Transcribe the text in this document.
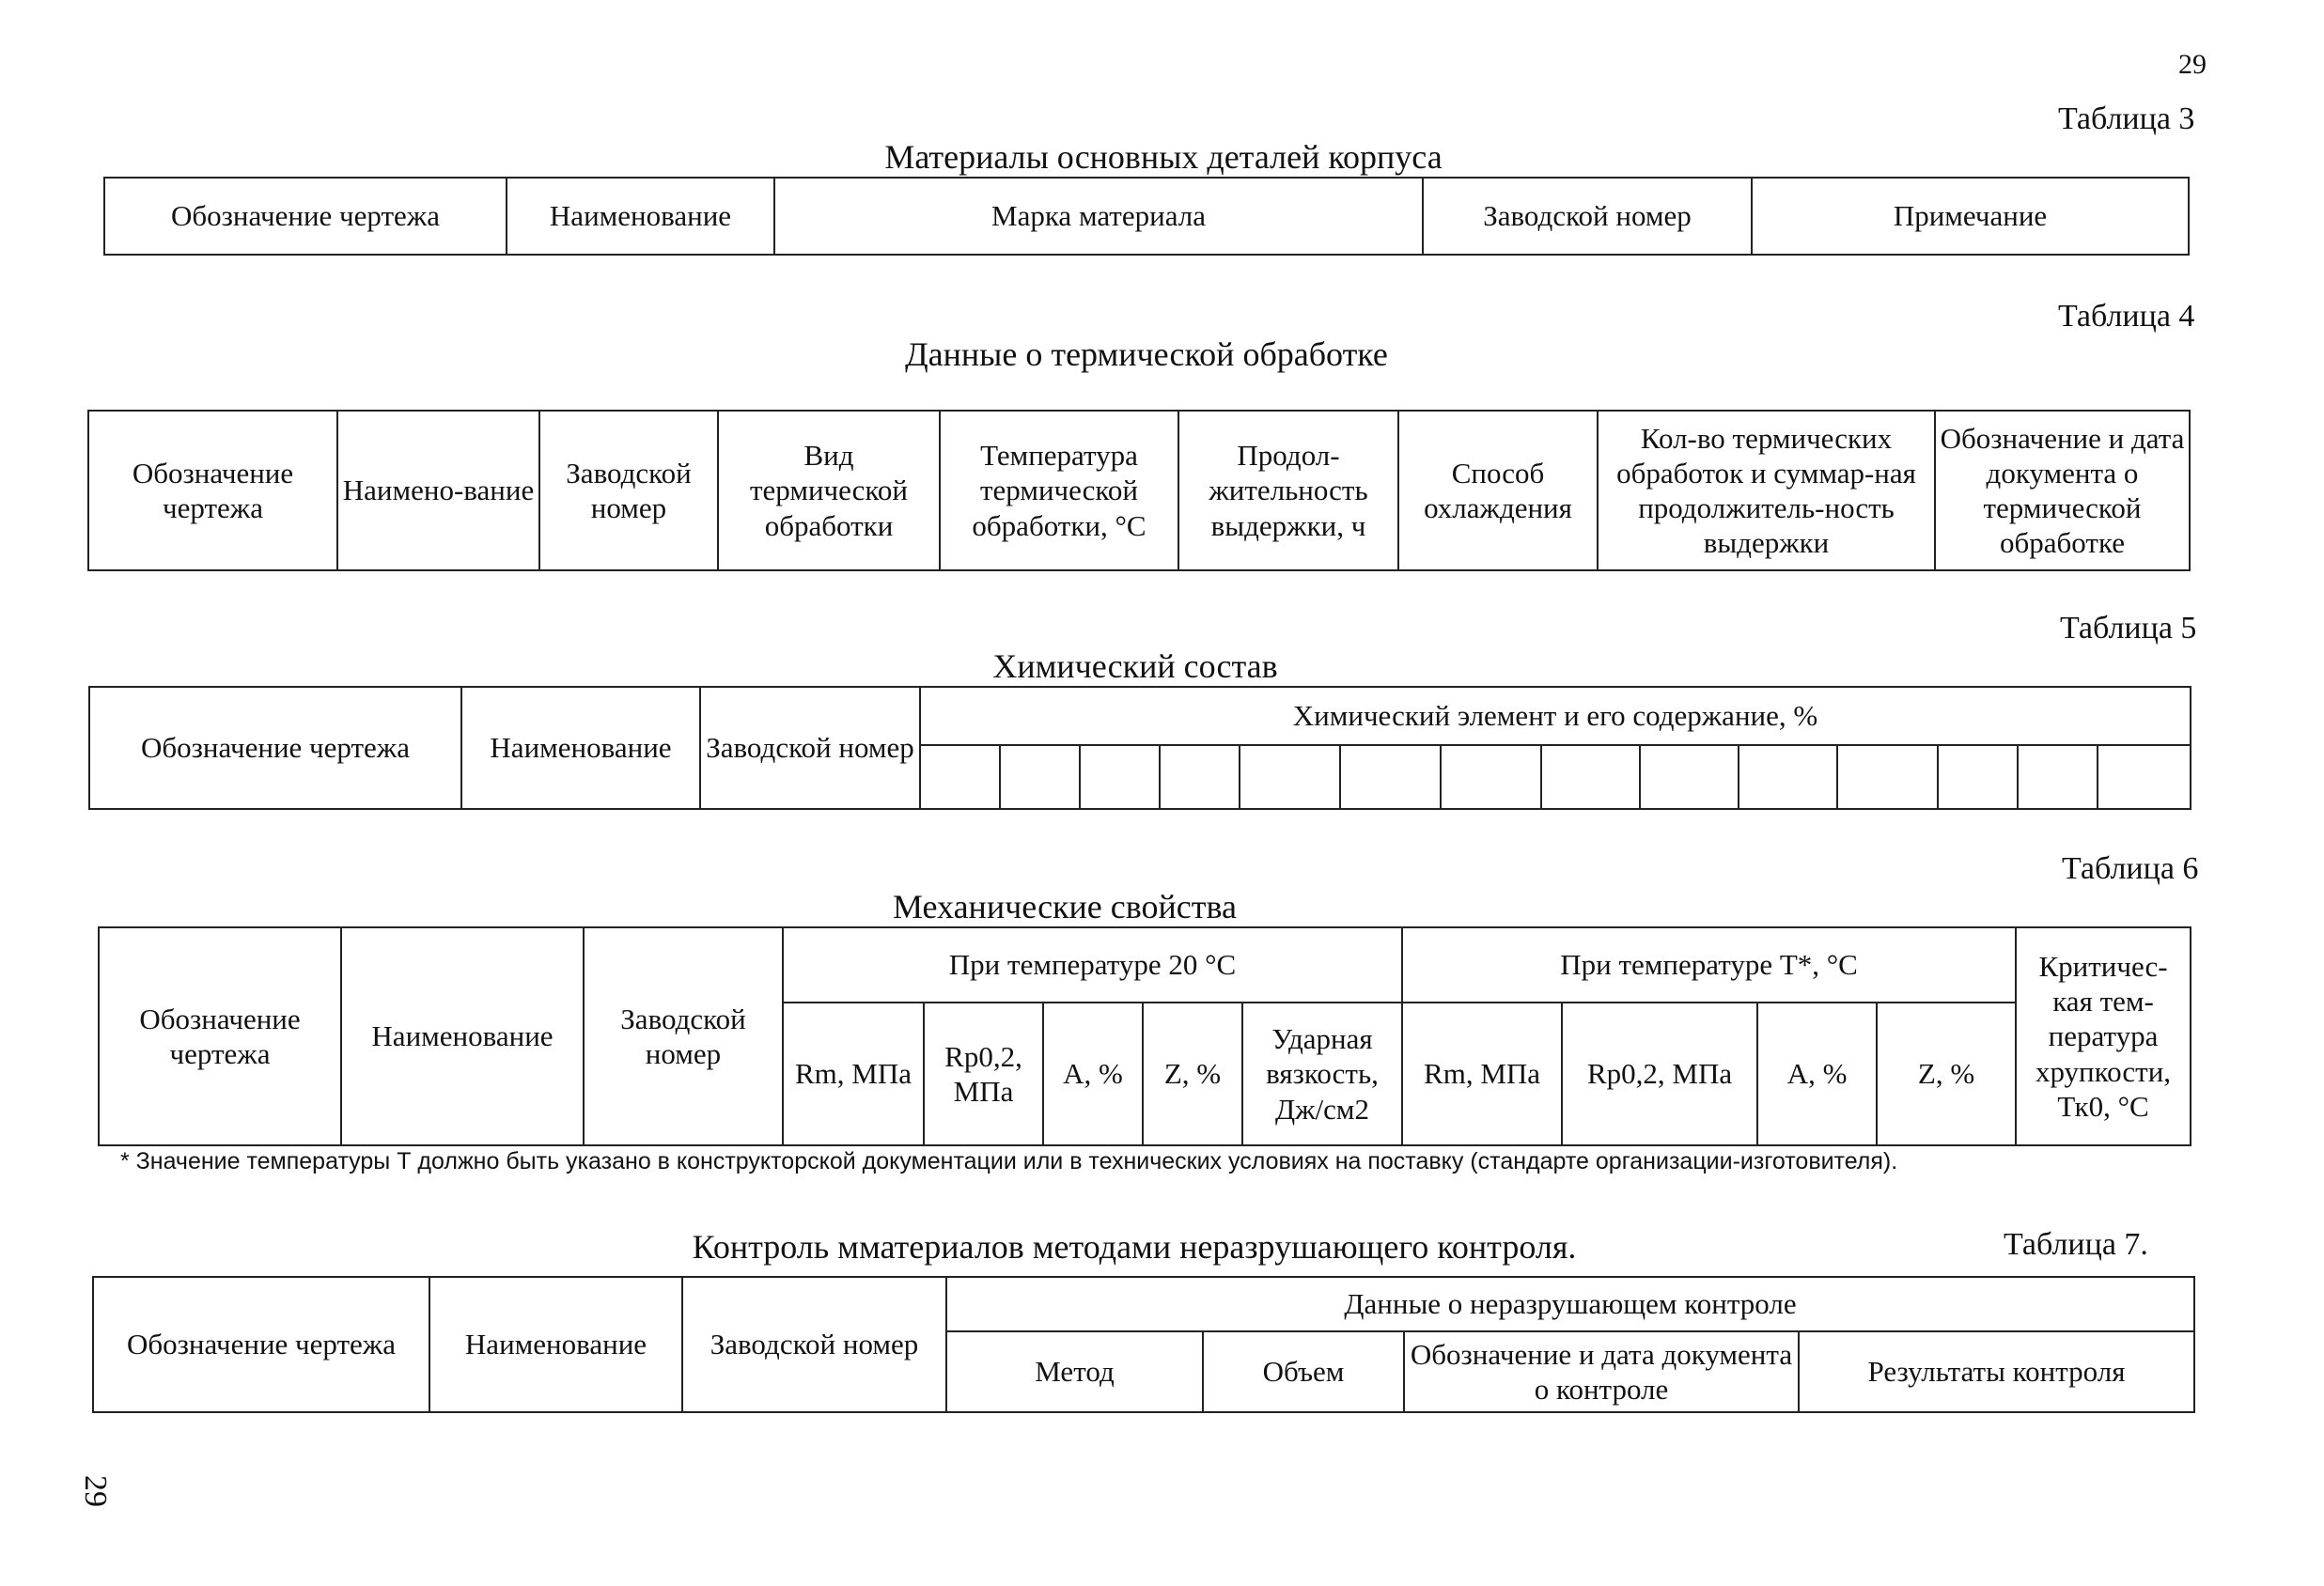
29
Таблица 3
Материалы основных деталей корпуса
Обозначение чертежа	Наименование	Марка материала	Заводской номер	Примечание
Таблица 4
Данные о термической обработке
Обозначение чертежа	Наимено-вание	Заводской номер	Вид термической обработки	Температура термической обработки, °С	Продол-жительность выдержки, ч	Способ охлаждения	Кол-во термических обработок и суммар-ная продолжитель-ность выдержки	Обозначение и дата документа о термической обработке
Таблица 5
Химический состав
Обозначение чертежа	Наименование	Заводской номер	Химический элемент и его содержание, %													

Таблица 6
Механические свойства
Обозначение чертежа	Наименование	Заводской номер	При температуре 20 °С					При температуре Т*, °С				Критичес-кая тем-пература хрупкости, Тк0, °С
			Rm, МПа	Rp0,2, МПа	A, %	Z, %	Ударная вязкость, Дж/см2	Rm, МПа	Rp0,2, МПа	A, %	Z, %	
* Значение температуры Т должно быть указано в конструкторской документации или в технических условиях на поставку (стандарте организации-изготовителя).
Контроль мматериалов методами неразрушающего контроля.	Таблица 7.
Обозначение чертежа	Наименование	Заводской номер	Данные о неразрушающем контроле			
			Метод	Объем	Обозначение и дата документа о контроле	Результаты контроля
29
